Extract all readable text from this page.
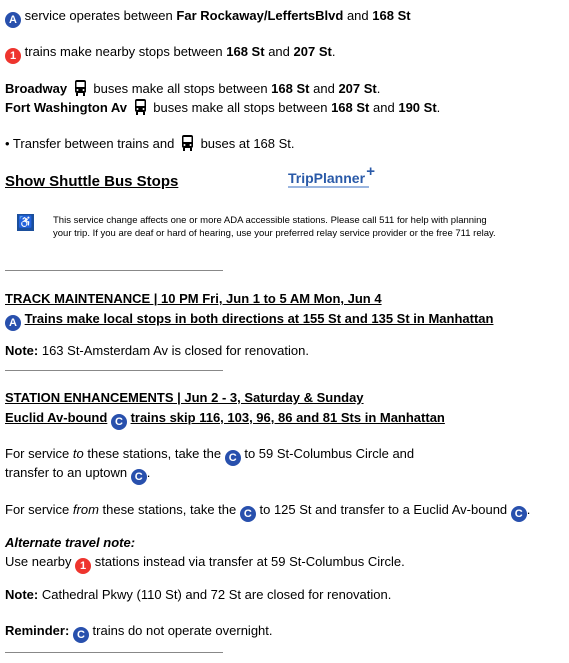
A service operates between Far Rockaway/LeffertsBlvd and 168 St
1 trains make nearby stops between 168 St and 207 St.
Broadway buses make all stops between 168 St and 207 St.
Fort Washington Av buses make all stops between 168 St and 190 St.
• Transfer between trains and buses at 168 St.
Show Shuttle Bus Stops	TripPlanner +
♿ This service change affects one or more ADA accessible stations. Please call 511 for help with planning
your trip. If you are deaf or hard of hearing, use your preferred relay service provider or the free 711 relay.
TRACK MAINTENANCE | 10 PM Fri, Jun 1 to 5 AM Mon, Jun 4
A Trains make local stops in both directions at 155 St and 135 St in Manhattan
Note: 163 St-Amsterdam Av is closed for renovation.
STATION ENHANCEMENTS | Jun 2 - 3, Saturday & Sunday
Euclid Av-bound C trains skip 116, 103, 96, 86 and 81 Sts in Manhattan
For service to these stations, take the C to 59 St-Columbus Circle and
transfer to an uptown C .
For service from these stations, take the C to 125 St and transfer to a Euclid Av-bound C .
Alternate travel note:
Use nearby 1 stations instead via transfer at 59 St-Columbus Circle.
Note: Cathedral Pkwy (110 St) and 72 St are closed for renovation.
Reminder: C trains do not operate overnight.
